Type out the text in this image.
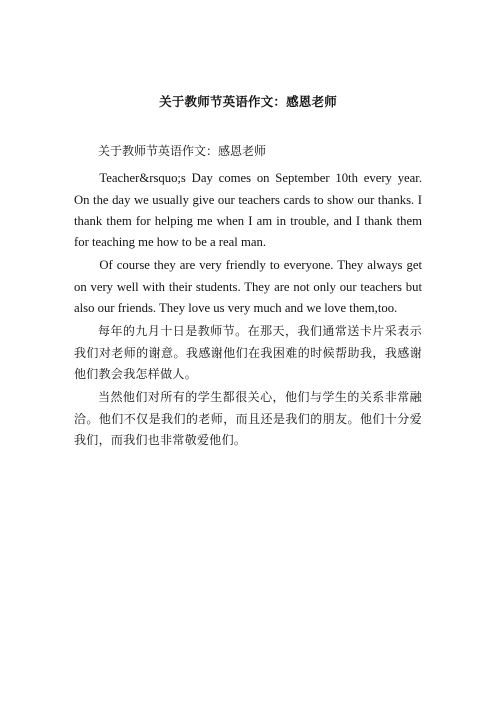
关于教师节英语作文：感恩老师

关于教师节英语作文：感恩老师

Teacher&rsquo;s Day comes on September 10th every year. On the day we usually give our teachers cards to show our thanks. I thank them for helping me when I am in trouble, and I thank them for teaching me how to be a real man.

Of course they are very friendly to everyone. They always get on very well with their students. They are not only our teachers but also our friends. They love us very much and we love them,too.

每年的九月十日是教师节。在那天，我们通常送卡片采表示我们对老师的谢意。我感谢他们在我困难的时候帮助我，我感谢他们教会我怎样做人。

当然他们对所有的学生都很关心，他们与学生的关系非常融洽。他们不仅是我们的老师，而且还是我们的朋友。他们十分爱我们，而我们也非常敬爱他们。
